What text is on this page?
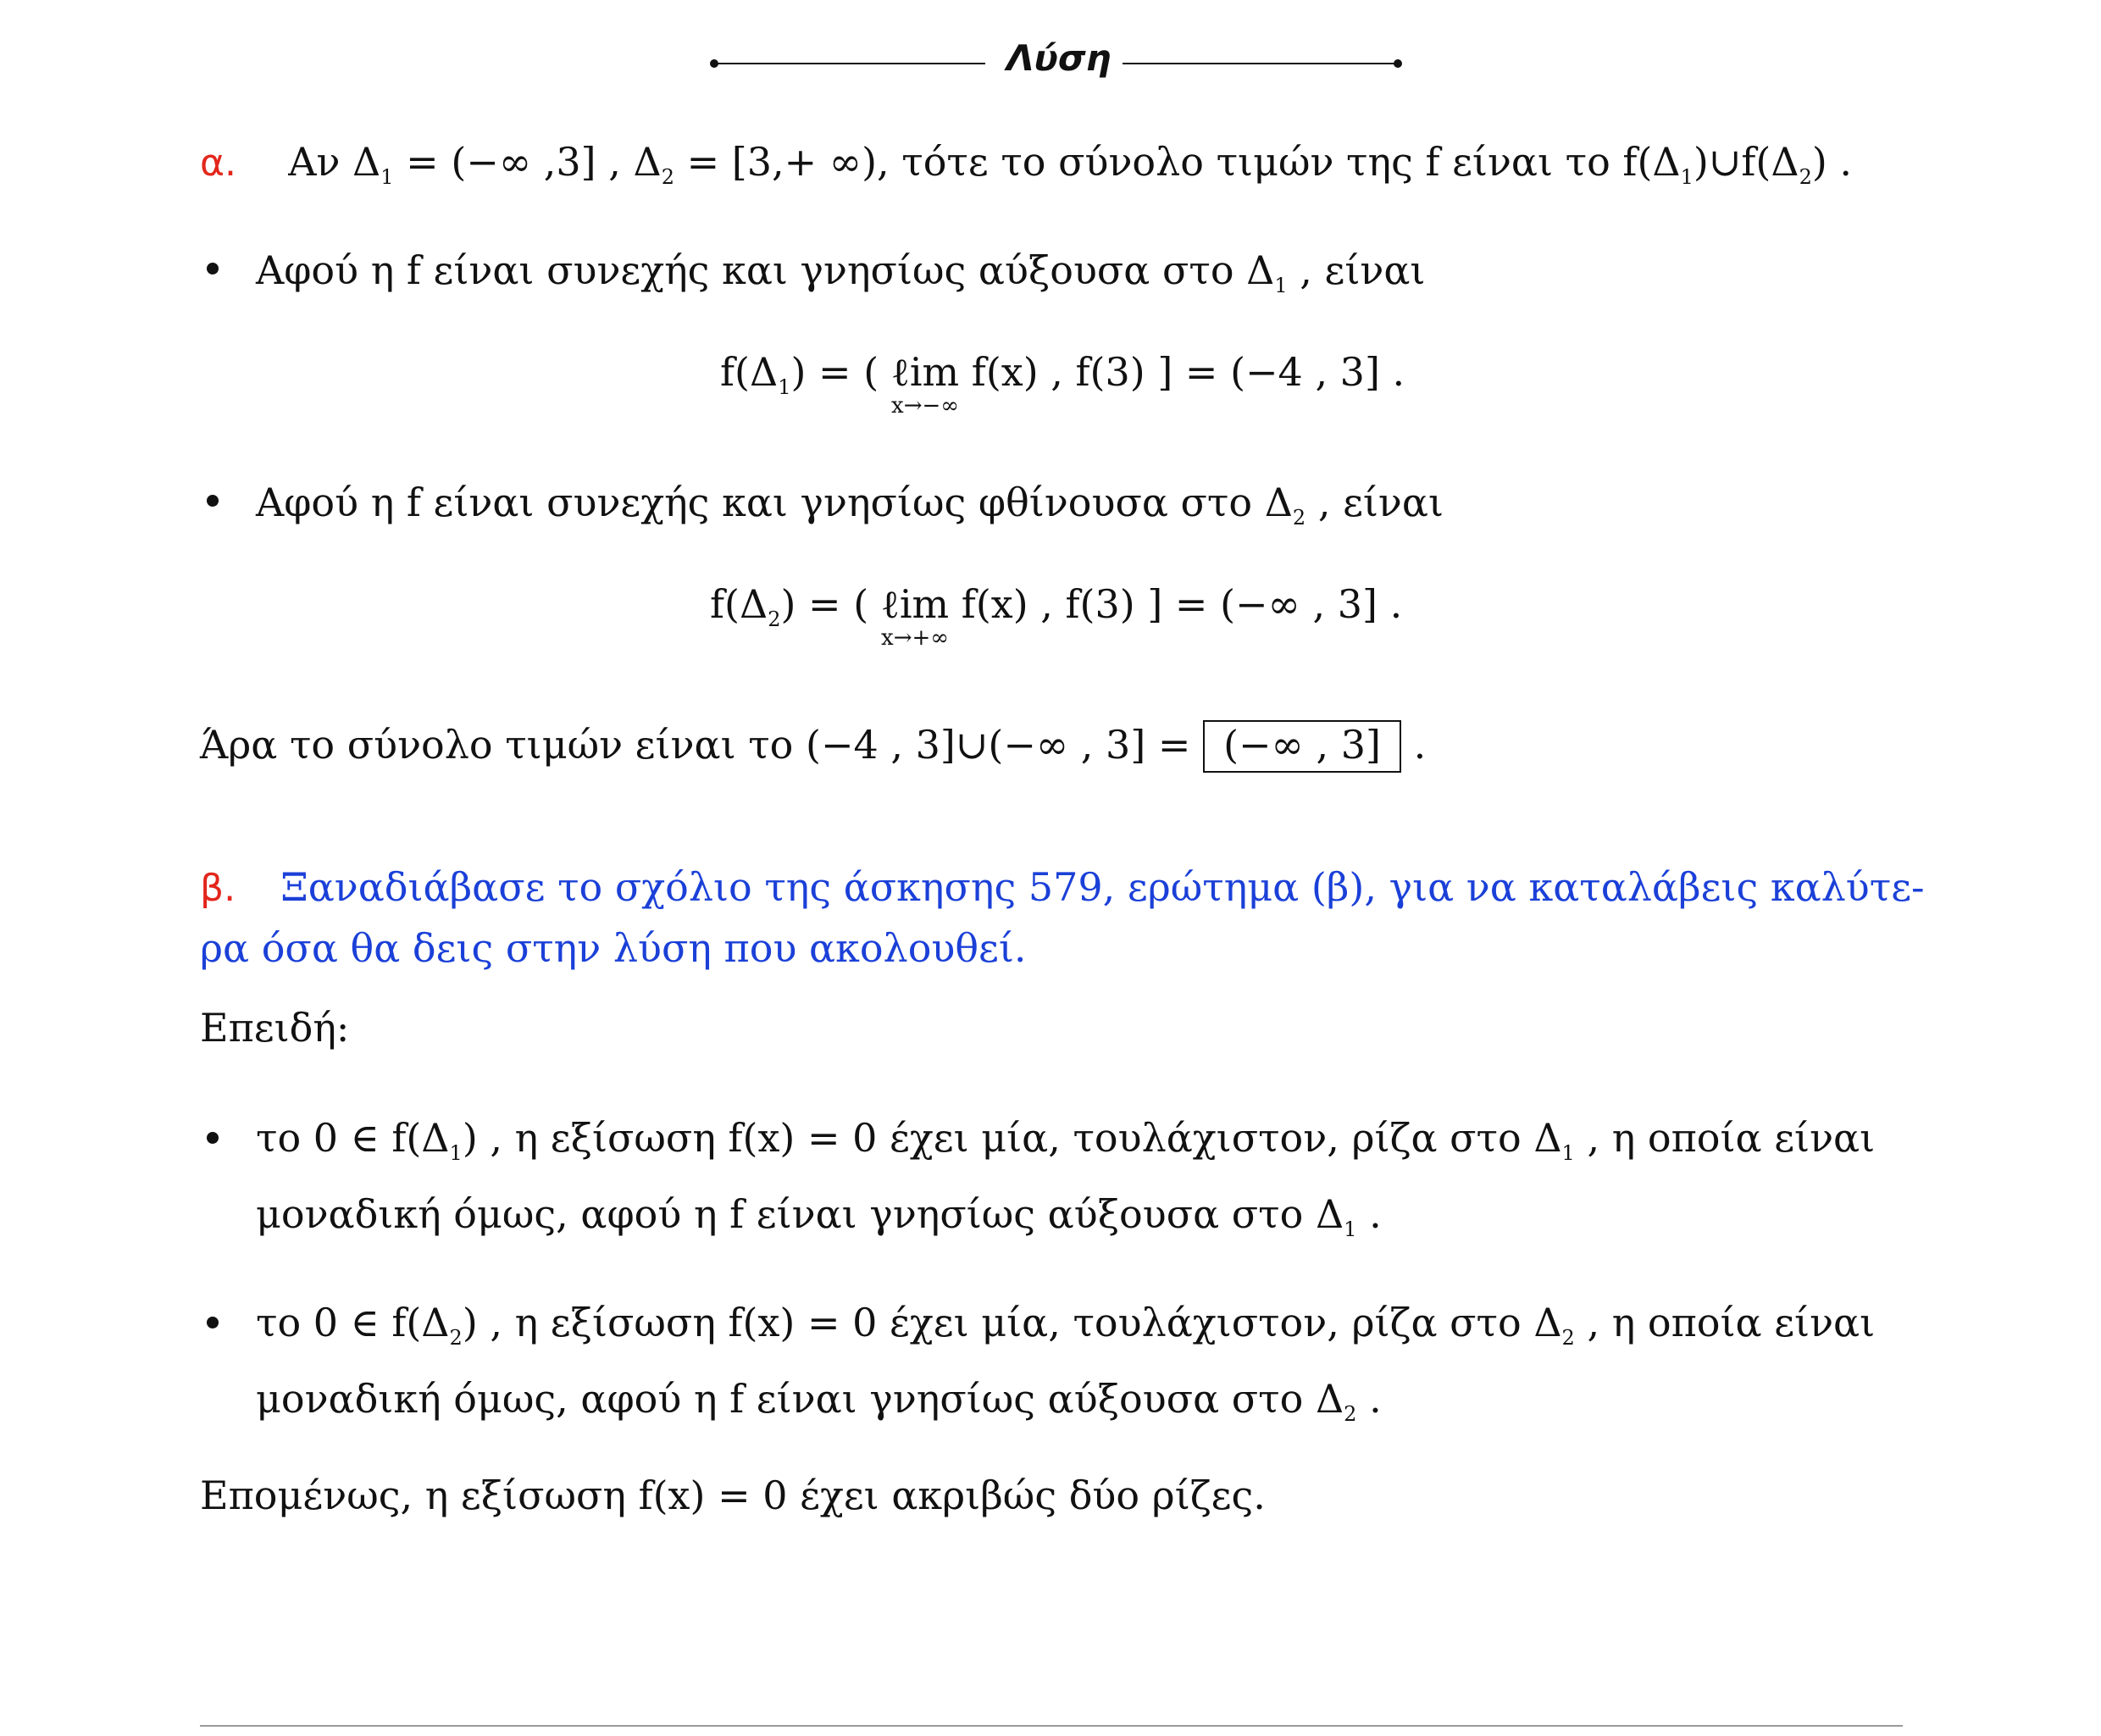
Λύση
α. Αν $\Delta_1$ = (−∞ ,3] , $\Delta_2 = [3,+$ ∞), τότε το σύνολο τιμών της f είναι το $f(\Delta_1)\cup f(\Delta_2)$ .
Αφού η f είναι συνεχής και γνησίως αύξουσα στο $\Delta_1$ , είναι
$f(\Delta_1)$ = ( ℓim
x→−∞
f(x) , f(3) ] = (−4 , 3] .
Αφού η f είναι συνεχής και γνησίως φθίνουσα στο $\Delta_2$ , είναι
$f(\Delta_2)$ = ( ℓim
x→+∞
f(x) , f(3) ] = (−∞ , 3] .
Άρα το σύνολο τιμών είναι το (−4 , 3]∪(−∞ , 3] = (−∞ , 3] .
β. Ξαναδιάβασε το σχόλιο της άσκησης 579, ερώτημα (β), για να καταλάβεις καλύτε-
ρα όσα θα δεις στην λύση που ακολουθεί.
Επειδή:
το 0 ∈ $f(\Delta_1)$ , η εξίσωση f(x) = 0 έχει μία, τουλάχιστον, ρίζα στο $\Delta_1$ , η οποία είναι
μοναδική όμως, αφού η f είναι γνησίως αύξουσα στο $\Delta_1$ .
το 0 ∈ $f(\Delta_2)$ , η εξίσωση f(x) = 0 έχει μία, τουλάχιστον, ρίζα στο $\Delta_2$ , η οποία είναι
μοναδική όμως, αφού η f είναι γνησίως αύξουσα στο $\Delta_2$ .
Επομένως, η εξίσωση f(x) = 0 έχει ακριβώς δύο ρίζες.
